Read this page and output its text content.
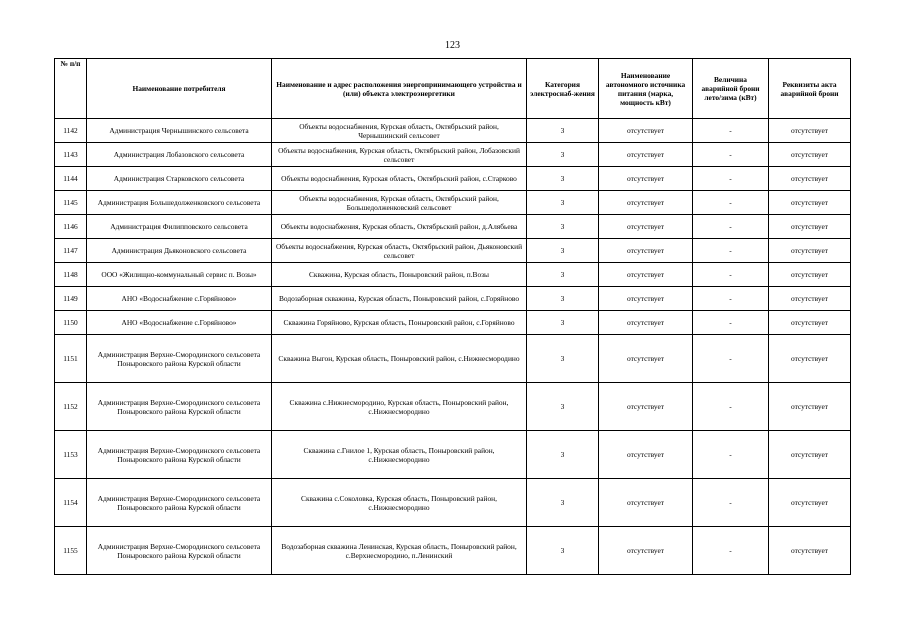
123
№ п/п	Наименование потребителя	Наименование и адрес расположения энергопринимающего устройства и (или) объекта электроэнергетики	Категория электроснаб-жения	Наименование автономного источника питания (марка, мощность кВт)	Величина аварийной брони лето/зима (кВт)	Реквизиты акта аварийной брони
1142	Администрация Чернышинского сельсовета	Объекты водоснабжения, Курская область, Октябрьский район, Чернышинский сельсовет	3	отсутствует	-	отсутствует
1143	Администрация Лобазовского сельсовета	Объекты водоснабжения, Курская область, Октябрьский район, Лобазовский сельсовет	3	отсутствует	-	отсутствует
1144	Администрация Старковского сельсовета	Объекты водоснабжения, Курская область, Октябрьский район, с.Старково	3	отсутствует	-	отсутствует
1145	Администрация Большедолженковского сельсовета	Объекты водоснабжения, Курская область, Октябрьский район, Большедолженковский сельсовет	3	отсутствует	-	отсутствует
1146	Администрация Филипповского сельсовета	Объекты водоснабжения, Курская область, Октябрьский район, д.Алябьева	3	отсутствует	-	отсутствует
1147	Администрация Дьяконовского сельсовета	Объекты водоснабжения, Курская область, Октябрьский район, Дьяконовский сельсовет	3	отсутствует	-	отсутствует
1148	ООО «Жилищно-коммунальный сервис п. Возы»	Скважина, Курская область, Поныровский район, п.Возы	3	отсутствует	-	отсутствует
1149	АНО «Водоснабжение с.Горяйново»	Водозаборная скважина, Курская область, Поныровский район, с.Горяйново	3	отсутствует	-	отсутствует
1150	АНО «Водоснабжение с.Горяйново»	Скважина Горяйново, Курская область, Поныровский район, с.Горяйново	3	отсутствует	-	отсутствует
1151	Администрация Верхне-Смородинского сельсовета Поныровского района Курской области	Скважина Выгон, Курская область, Поныровский район, с.Нижнесмородино	3	отсутствует	-	отсутствует
1152	Администрация Верхне-Смородинского сельсовета Поныровского района Курской области	Скважина с.Нижнесмородино, Курская область, Поныровский район, с.Нижнесмородино	3	отсутствует	-	отсутствует
1153	Администрация Верхне-Смородинского сельсовета Поныровского района Курской области	Скважина с.Гнилое 1, Курская область, Поныровский район, с.Нижнесмородино	3	отсутствует	-	отсутствует
1154	Администрация Верхне-Смородинского сельсовета Поныровского района Курской области	Скважина с.Соколовка, Курская область, Поныровский район, с.Нижнесмородино	3	отсутствует	-	отсутствует
1155	Администрация Верхне-Смородинского сельсовета Поныровского района Курской области	Водозаборная скважина Ленинская, Курская область, Поныровский район, с.Верхнесмородино, п.Ленинский	3	отсутствует	-	отсутствует
